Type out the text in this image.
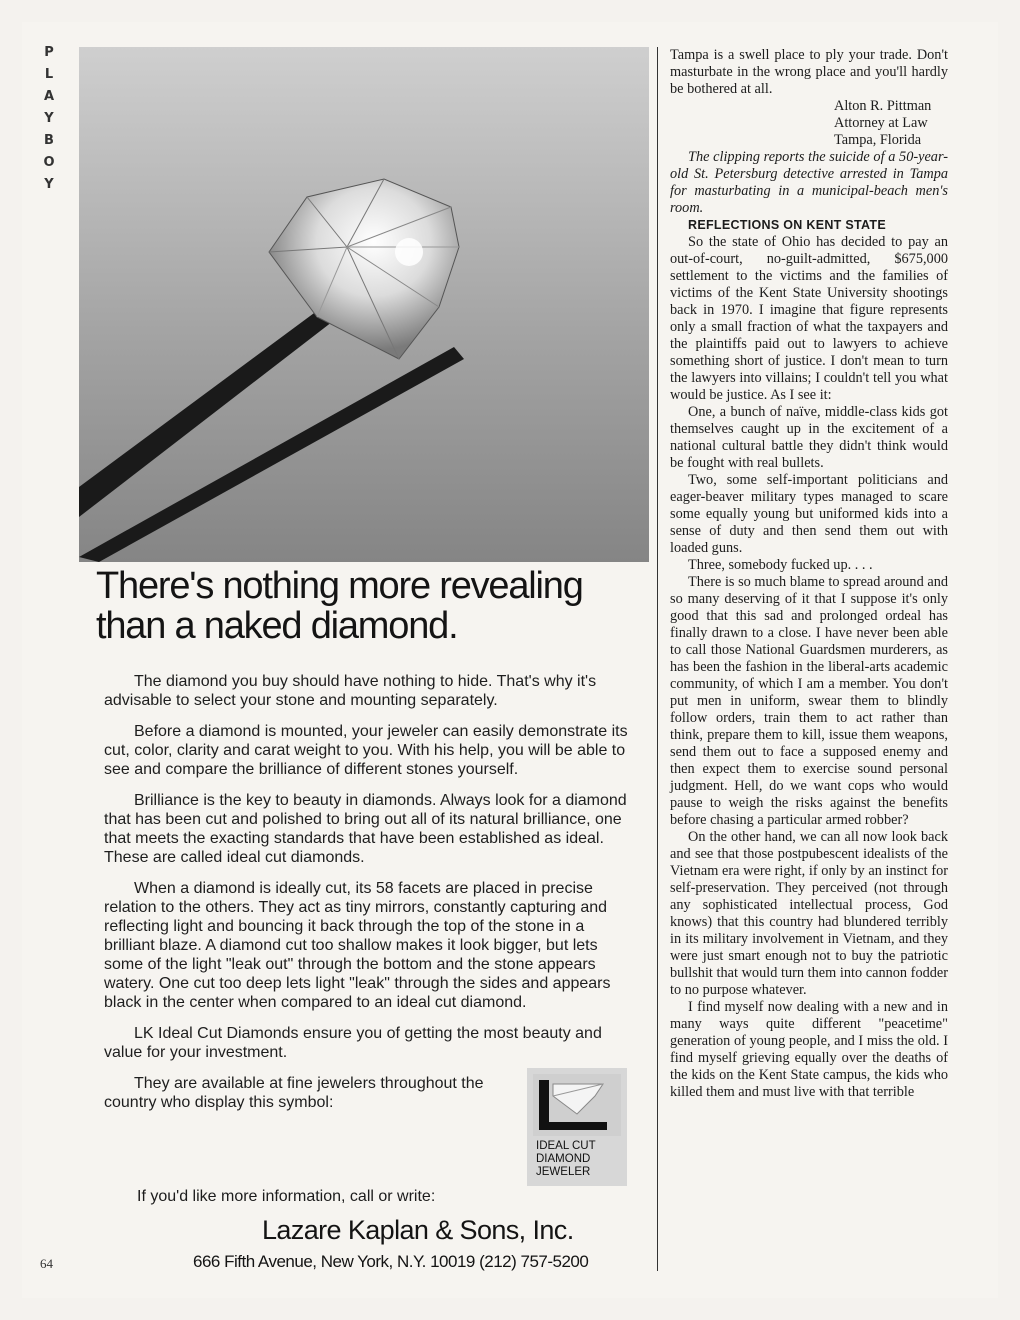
P
L
A
Y
B
O
Y
There's nothing more revealing
than a naked diamond.

The diamond you buy should have nothing to hide. That's why it's advisable to select your stone and mounting separately.

Before a diamond is mounted, your jeweler can easily demonstrate its cut, color, clarity and carat weight to you. With his help, you will be able to see and compare the brilliance of different stones yourself.

Brilliance is the key to beauty in diamonds. Always look for a diamond that has been cut and polished to bring out all of its natural brilliance, one that meets the exacting standards that have been established as ideal. These are called ideal cut diamonds.

When a diamond is ideally cut, its 58 facets are placed in precise relation to the others. They act as tiny mirrors, constantly capturing and reflecting light and bouncing it back through the top of the stone in a brilliant blaze. A diamond cut too shallow makes it look bigger, but lets some of the light "leak out" through the bottom and the stone appears watery. One cut too deep lets light "leak" through the sides and appears black in the center when compared to an ideal cut diamond.

LK Ideal Cut Diamonds ensure you of getting the most beauty and value for your investment.

They are available at fine jewelers throughout the country who display this symbol:

IDEAL CUT
DIAMOND
JEWELER
If you'd like more information, call or write:
Lazare Kaplan & Sons, Inc.
666 Fifth Avenue, New York, N.Y. 10019 (212) 757-5200
64

Tampa is a swell place to ply your trade. Don't masturbate in the wrong place and you'll hardly be bothered at all.

Alton R. Pittman
Attorney at Law
Tampa, Florida

The clipping reports the suicide of a 50-year-old St. Petersburg detective arrested in Tampa for masturbating in a municipal-beach men's room.

REFLECTIONS ON KENT STATE

So the state of Ohio has decided to pay an out-of-court, no-guilt-admitted, $675,000 settlement to the victims and the families of victims of the Kent State University shootings back in 1970. I imagine that figure represents only a small fraction of what the taxpayers and the plaintiffs paid out to lawyers to achieve something short of justice. I don't mean to turn the lawyers into villains; I couldn't tell you what would be justice. As I see it:

One, a bunch of naïve, middle-class kids got themselves caught up in the excitement of a national cultural battle they didn't think would be fought with real bullets.

Two, some self-important politicians and eager-beaver military types managed to scare some equally young but uniformed kids into a sense of duty and then send them out with loaded guns.

Three, somebody fucked up. . . .

There is so much blame to spread around and so many deserving of it that I suppose it's only good that this sad and prolonged ordeal has finally drawn to a close. I have never been able to call those National Guardsmen murderers, as has been the fashion in the liberal-arts academic community, of which I am a member. You don't put men in uniform, swear them to blindly follow orders, train them to act rather than think, prepare them to kill, issue them weapons, send them out to face a supposed enemy and then expect them to exercise sound personal judgment. Hell, do we want cops who would pause to weigh the risks against the benefits before chasing a particular armed robber?

On the other hand, we can all now look back and see that those postpubescent idealists of the Vietnam era were right, if only by an instinct for self-preservation. They perceived (not through any sophisticated intellectual process, God knows) that this country had blundered terribly in its military involvement in Vietnam, and they were just smart enough not to buy the patriotic bullshit that would turn them into cannon fodder to no purpose whatever.

I find myself now dealing with a new and in many ways quite different "peacetime" generation of young people, and I miss the old. I find myself grieving equally over the deaths of the kids on the Kent State campus, the kids who killed them and must live with that terrible
